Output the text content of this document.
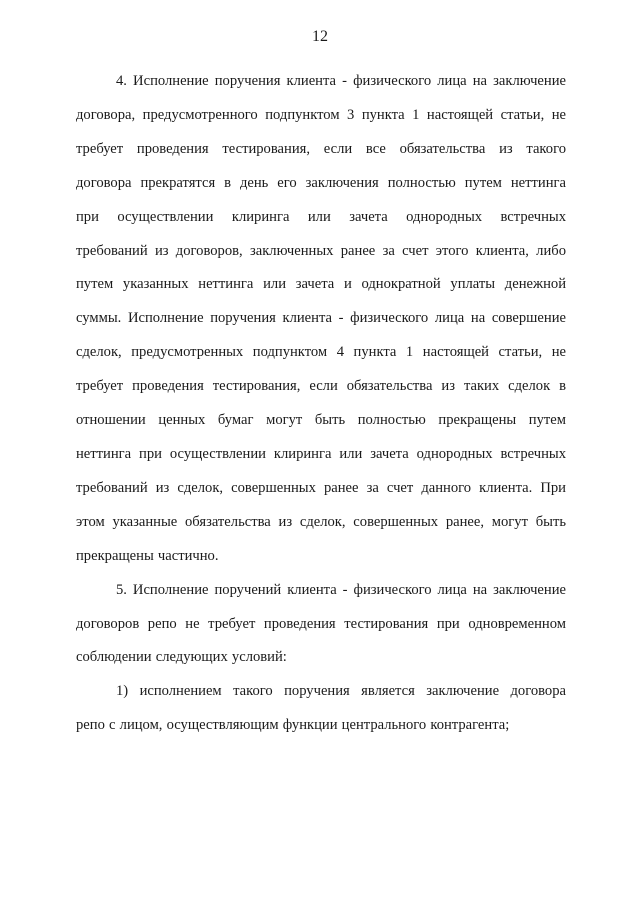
12
4. Исполнение поручения клиента - физического лица на заключение
договора, предусмотренного подпунктом 3 пункта 1 настоящей статьи, не
требует проведения тестирования, если все обязательства из такого
договора прекратятся в день его заключения полностью путем неттинга
при осуществлении клиринга или зачета однородных встречных
требований из договоров, заключенных ранее за счет этого клиента, либо
путем указанных неттинга или зачета и однократной уплаты денежной
суммы. Исполнение поручения клиента - физического лица на совершение
сделок, предусмотренных подпунктом 4 пункта 1 настоящей статьи, не
требует проведения тестирования, если обязательства из таких сделок в
отношении ценных бумаг могут быть полностью прекращены путем
неттинга при осуществлении клиринга или зачета однородных встречных
требований из сделок, совершенных ранее за счет данного клиента. При
этом указанные обязательства из сделок, совершенных ранее, могут быть
прекращены частично.
5. Исполнение поручений клиента - физического лица на заключение
договоров репо не требует проведения тестирования при одновременном
соблюдении следующих условий:
1) исполнением такого поручения является заключение договора
репо с лицом, осуществляющим функции центрального контрагента;
